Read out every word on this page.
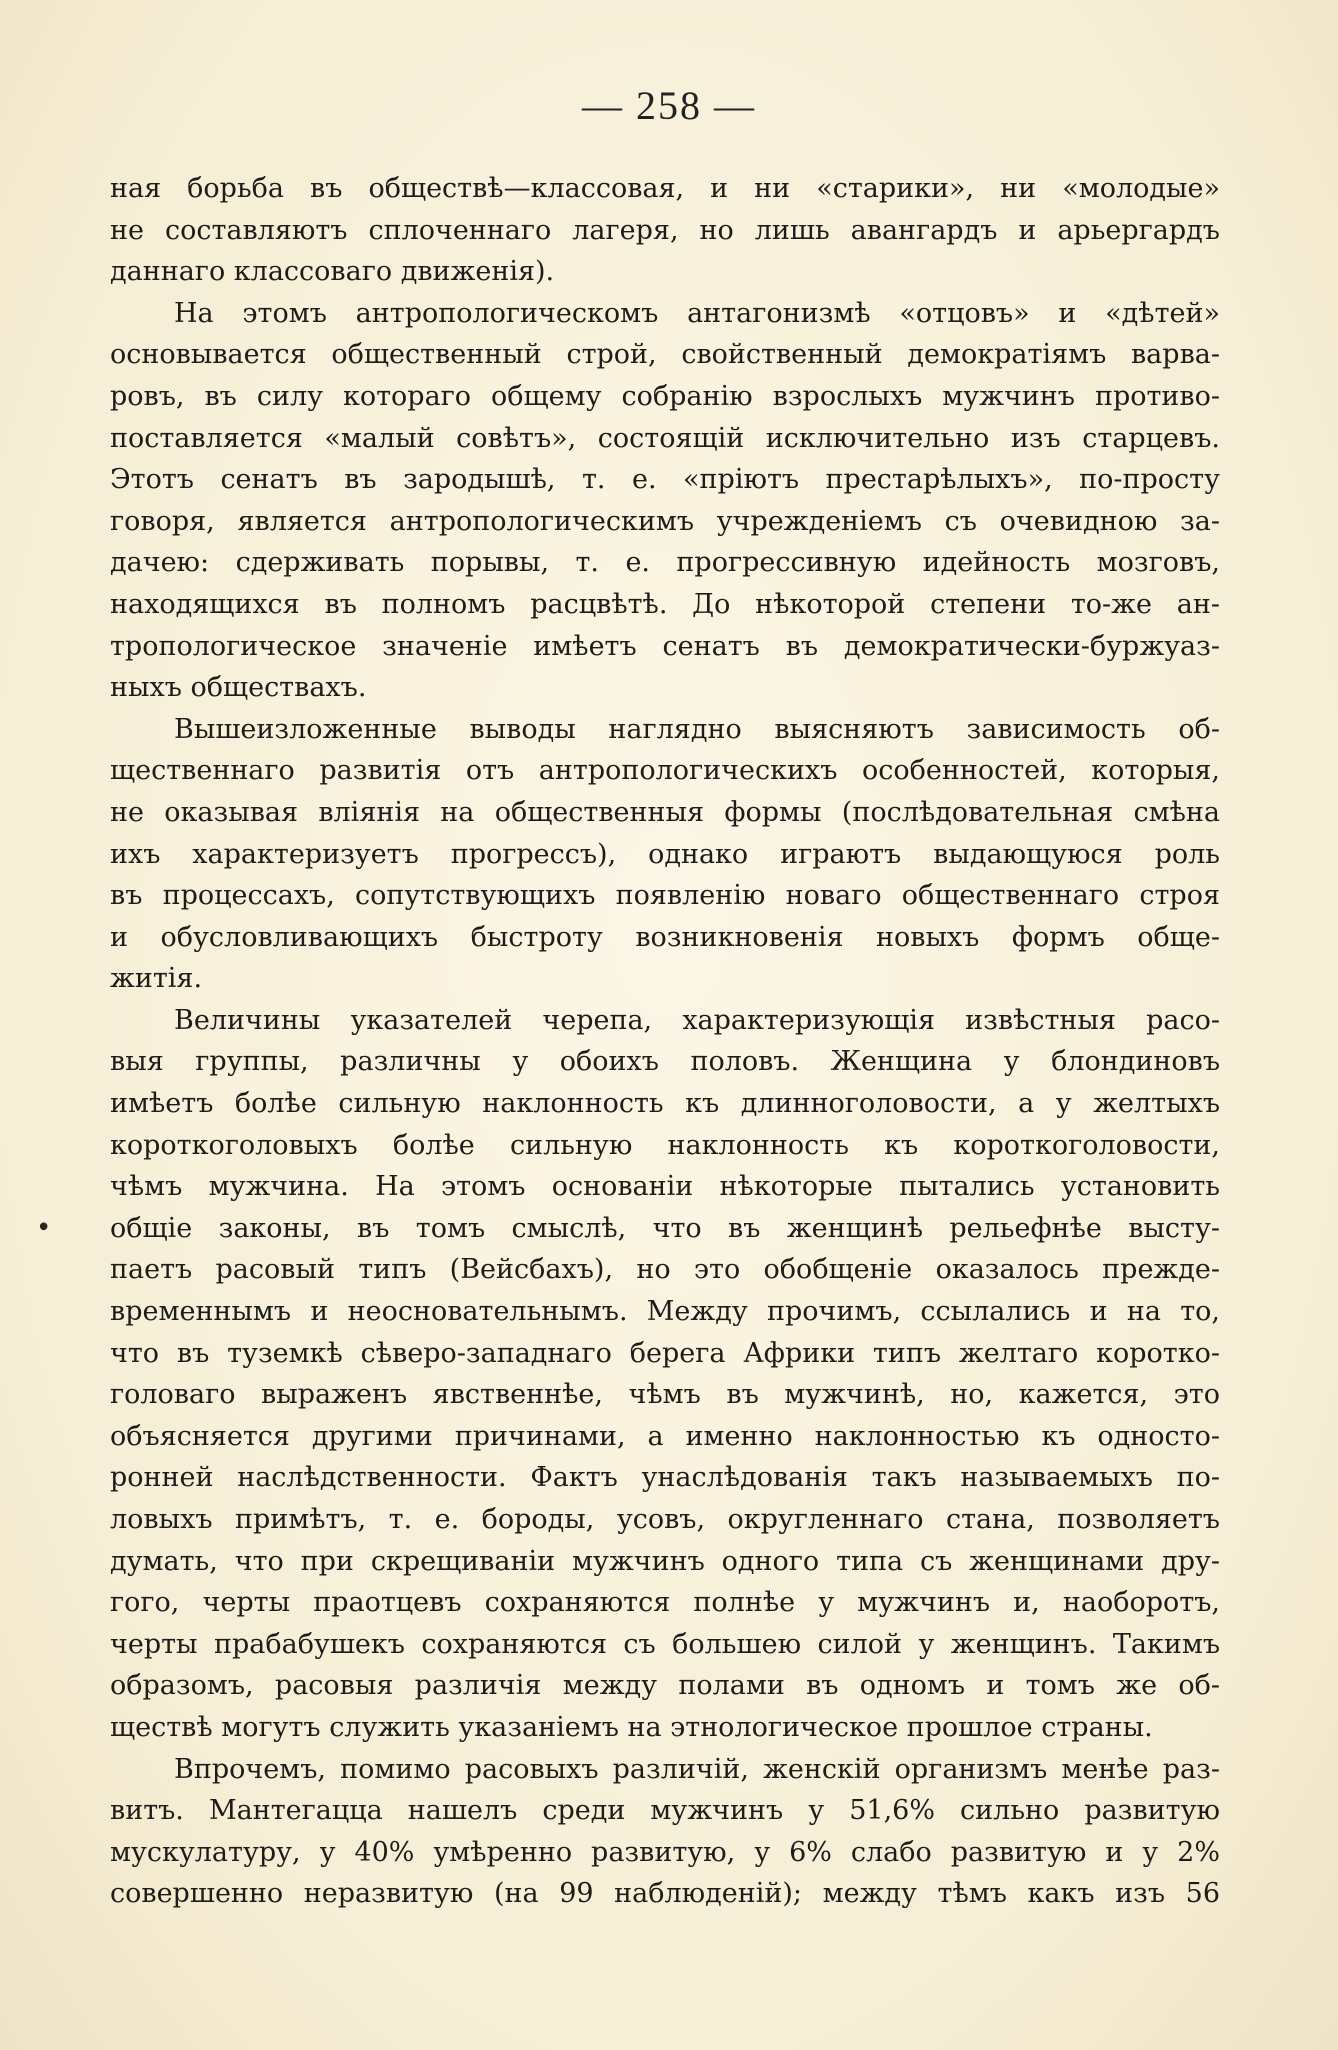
— 258 —
•
ная борьба въ обществѣ—классовая, и ни «старики», ни «молодые»
не составляютъ сплоченнаго лагеря, но лишь авангардъ и арьергардъ
даннаго классоваго движенія).
На этомъ антропологическомъ антагонизмѣ «отцовъ» и «дѣтей»
основывается общественный строй, свойственный демократіямъ варва-
ровъ, въ силу котораго общему собранію взрослыхъ мужчинъ противо-
поставляется «малый совѣтъ», состоящій исключительно изъ старцевъ.
Этотъ сенатъ въ зародышѣ, т. е. «пріютъ престарѣлыхъ», по-просту
говоря, является антропологическимъ учрежденіемъ съ очевидною за-
дачею: сдерживать порывы, т. е. прогрессивную идейность мозговъ,
находящихся въ полномъ расцвѣтѣ. До нѣкоторой степени то-же ан-
тропологическое значеніе имѣетъ сенатъ въ демократически-буржуаз-
ныхъ обществахъ.
Вышеизложенные выводы наглядно выясняютъ зависимость об-
щественнаго развитія отъ антропологическихъ особенностей, которыя,
не оказывая вліянія на общественныя формы (послѣдовательная смѣна
ихъ характеризуетъ прогрессъ), однако играютъ выдающуюся роль
въ процессахъ, сопутствующихъ появленію новаго общественнаго строя
и обусловливающихъ быстроту возникновенія новыхъ формъ обще-
житія.
Величины указателей черепа, характеризующія извѣстныя расо-
выя группы, различны у обоихъ половъ. Женщина у блондиновъ
имѣетъ болѣе сильную наклонность къ длинноголовости, а у желтыхъ
короткоголовыхъ болѣе сильную наклонность къ короткоголовости,
чѣмъ мужчина. На этомъ основаніи нѣкоторые пытались установить
общіе законы, въ томъ смыслѣ, что въ женщинѣ рельефнѣе высту-
паетъ расовый типъ (Вейсбахъ), но это обобщеніе оказалось прежде-
временнымъ и неосновательнымъ. Между прочимъ, ссылались и на то,
что въ туземкѣ сѣверо-западнаго берега Африки типъ желтаго коротко-
головаго выраженъ явственнѣе, чѣмъ въ мужчинѣ, но, кажется, это
объясняется другими причинами, а именно наклонностью къ односто-
ронней наслѣдственности. Фактъ унаслѣдованія такъ называемыхъ по-
ловыхъ примѣтъ, т. е. бороды, усовъ, округленнаго стана, позволяетъ
думать, что при скрещиваніи мужчинъ одного типа съ женщинами дру-
гого, черты праотцевъ сохраняются полнѣе у мужчинъ и, наоборотъ,
черты прабабушекъ сохраняются съ большею силой у женщинъ. Такимъ
образомъ, расовыя различія между полами въ одномъ и томъ же об-
ществѣ могутъ служить указаніемъ на этнологическое прошлое страны.
Впрочемъ, помимо расовыхъ различій, женскій организмъ менѣе раз-
витъ. Мантегацца нашелъ среди мужчинъ у 51,6% сильно развитую
мускулатуру, у 40% умѣренно развитую, у 6% слабо развитую и у 2%
совершенно неразвитую (на 99 наблюденій); между тѣмъ какъ изъ 56
